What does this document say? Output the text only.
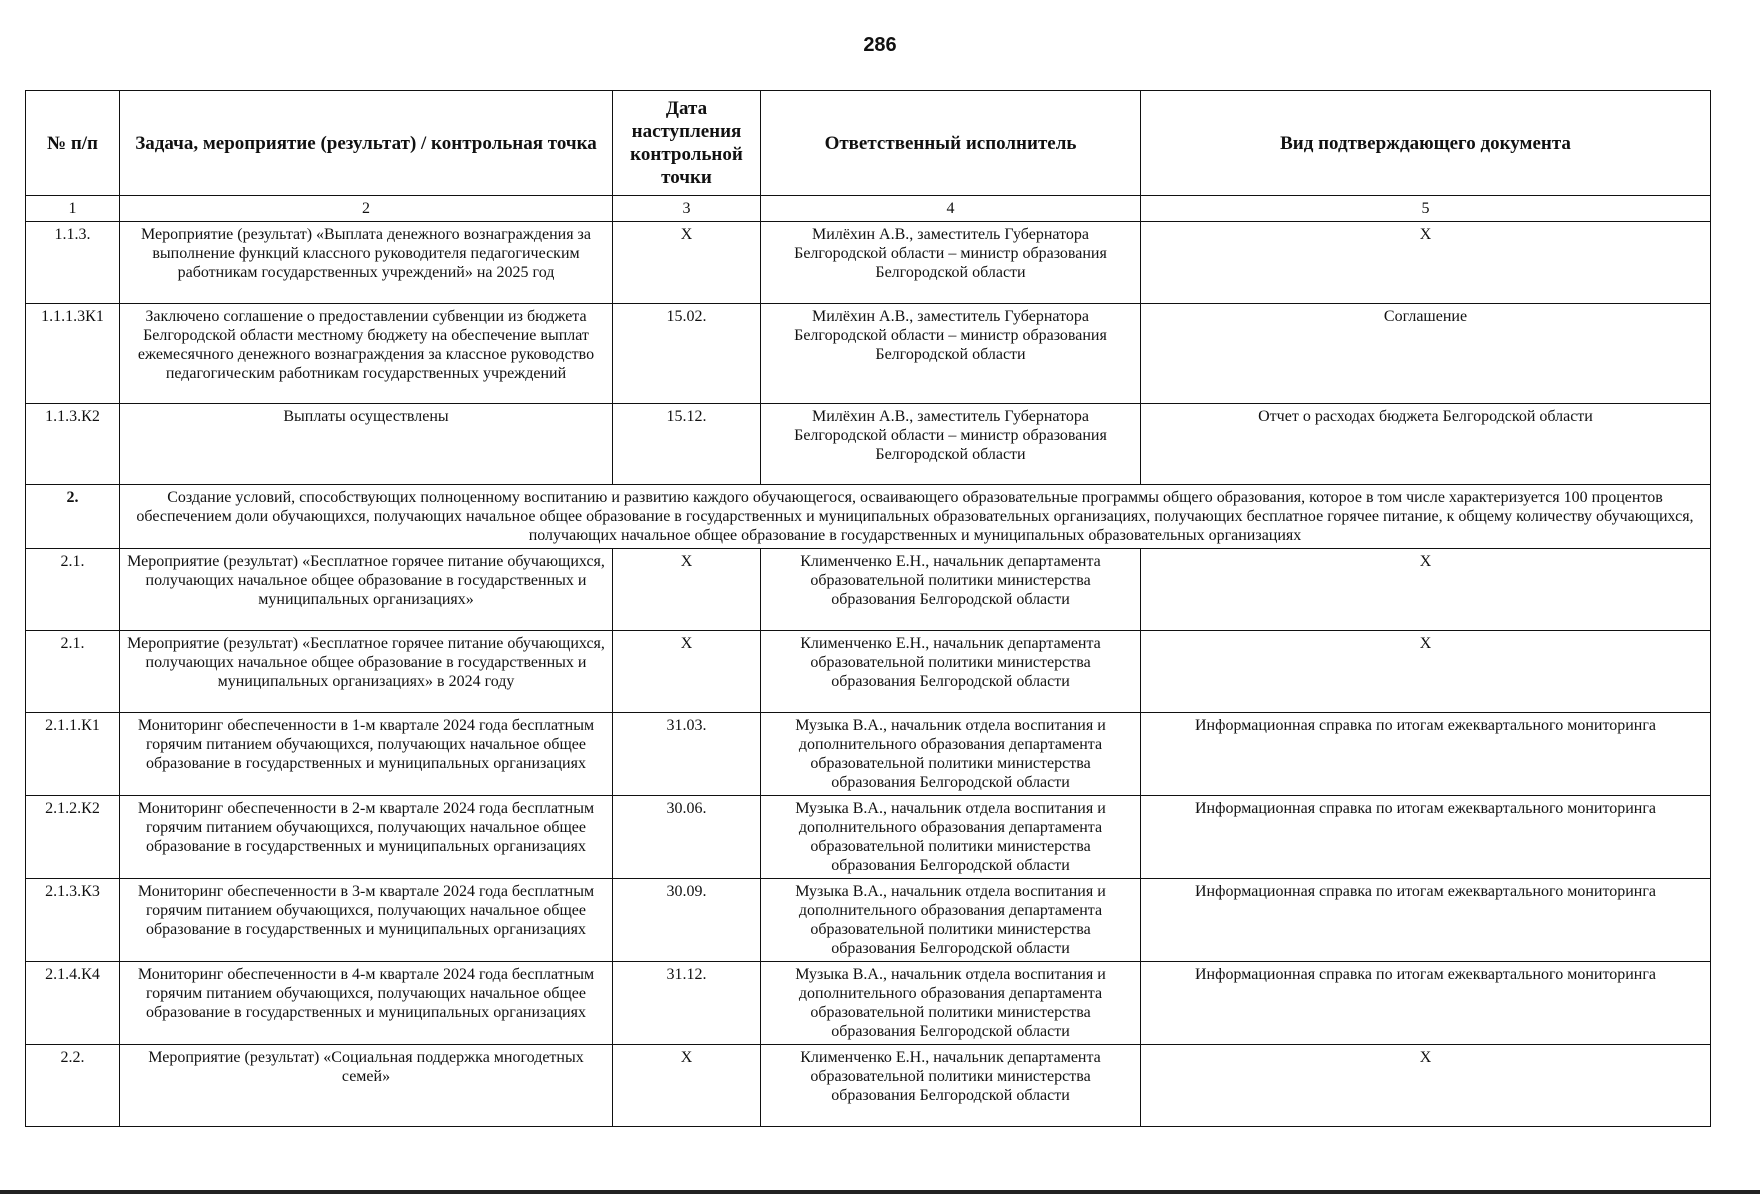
286
№ п/п	Задача, мероприятие (результат) / контрольная точка	Дата наступления контрольной точки	Ответственный исполнитель	Вид подтверждающего документа
1	2	3	4	5
1.1.3.	Мероприятие (результат) «Выплата денежного вознаграждения за выполнение функций классного руководителя педагогическим работникам государственных учреждений» на 2025 год	X	Милёхин А.В., заместитель Губернатора Белгородской области – министр образования Белгородской области	X
1.1.1.3К1	Заключено соглашение о предоставлении субвенции из бюджета Белгородской области местному бюджету на обеспечение выплат ежемесячного денежного вознаграждения за классное руководство педагогическим работникам государственных учреждений	15.02.	Милёхин А.В., заместитель Губернатора Белгородской области – министр образования Белгородской области	Соглашение
1.1.3.К2	Выплаты осуществлены	15.12.	Милёхин А.В., заместитель Губернатора Белгородской области – министр образования Белгородской области	Отчет о расходах бюджета Белгородской области
2.	Создание условий, способствующих полноценному воспитанию и развитию каждого обучающегося, осваивающего образовательные программы общего образования, которое в том числе характеризуется 100 процентов обеспечением доли обучающихся, получающих начальное общее образование в государственных и муниципальных образовательных организациях, получающих бесплатное горячее питание, к общему количеству обучающихся, получающих начальное общее образование в государственных и муниципальных образовательных организациях			
2.1.	Мероприятие (результат) «Бесплатное горячее питание обучающихся, получающих начальное общее образование в государственных и муниципальных организациях»	X	Клименченко Е.Н., начальник департамента образовательной политики министерства образования Белгородской области	X
2.1.	Мероприятие (результат) «Бесплатное горячее питание обучающихся, получающих начальное общее образование в государственных и муниципальных организациях» в 2024 году	X	Клименченко Е.Н., начальник департамента образовательной политики министерства образования Белгородской области	X
2.1.1.К1	Мониторинг обеспеченности в 1-м квартале 2024 года бесплатным горячим питанием обучающихся, получающих начальное общее образование в государственных и муниципальных организациях	31.03.	Музыка В.А., начальник отдела воспитания и дополнительного образования департамента образовательной политики министерства образования Белгородской области	Информационная справка по итогам ежеквартального мониторинга
2.1.2.К2	Мониторинг обеспеченности в 2-м квартале 2024 года бесплатным горячим питанием обучающихся, получающих начальное общее образование в государственных и муниципальных организациях	30.06.	Музыка В.А., начальник отдела воспитания и дополнительного образования департамента образовательной политики министерства образования Белгородской области	Информационная справка по итогам ежеквартального мониторинга
2.1.3.К3	Мониторинг обеспеченности в 3-м квартале 2024 года бесплатным горячим питанием обучающихся, получающих начальное общее образование в государственных и муниципальных организациях	30.09.	Музыка В.А., начальник отдела воспитания и дополнительного образования департамента образовательной политики министерства образования Белгородской области	Информационная справка по итогам ежеквартального мониторинга
2.1.4.К4	Мониторинг обеспеченности в 4-м квартале 2024 года бесплатным горячим питанием обучающихся, получающих начальное общее образование в государственных и муниципальных организациях	31.12.	Музыка В.А., начальник отдела воспитания и дополнительного образования департамента образовательной политики министерства образования Белгородской области	Информационная справка по итогам ежеквартального мониторинга
2.2.	Мероприятие (результат) «Социальная поддержка многодетных семей»	X	Клименченко Е.Н., начальник департамента образовательной политики министерства образования Белгородской области	X
